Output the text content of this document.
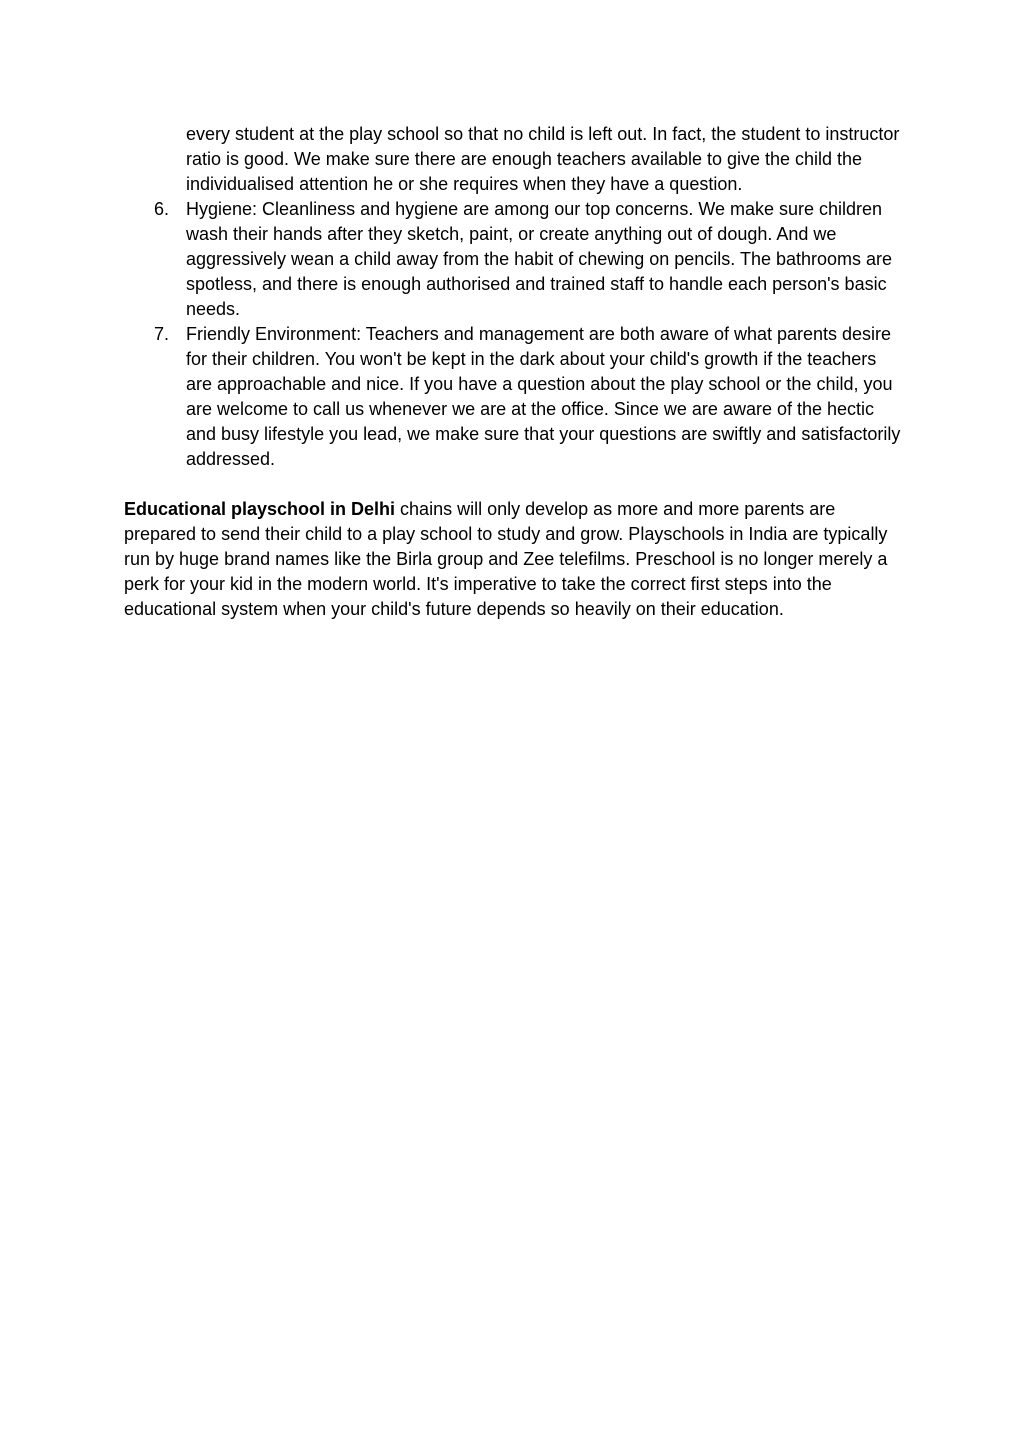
every student at the play school so that no child is left out. In fact, the student to instructor ratio is good. We make sure there are enough teachers available to give the child the individualised attention he or she requires when they have a question.

6. Hygiene: Cleanliness and hygiene are among our top concerns. We make sure children wash their hands after they sketch, paint, or create anything out of dough. And we aggressively wean a child away from the habit of chewing on pencils. The bathrooms are spotless, and there is enough authorised and trained staff to handle each person's basic needs.
7. Friendly Environment: Teachers and management are both aware of what parents desire for their children. You won't be kept in the dark about your child's growth if the teachers are approachable and nice. If you have a question about the play school or the child, you are welcome to call us whenever we are at the office. Since we are aware of the hectic and busy lifestyle you lead, we make sure that your questions are swiftly and satisfactorily addressed.

Educational playschool in Delhi chains will only develop as more and more parents are prepared to send their child to a play school to study and grow. Playschools in India are typically run by huge brand names like the Birla group and Zee telefilms. Preschool is no longer merely a perk for your kid in the modern world. It's imperative to take the correct first steps into the educational system when your child's future depends so heavily on their education.
